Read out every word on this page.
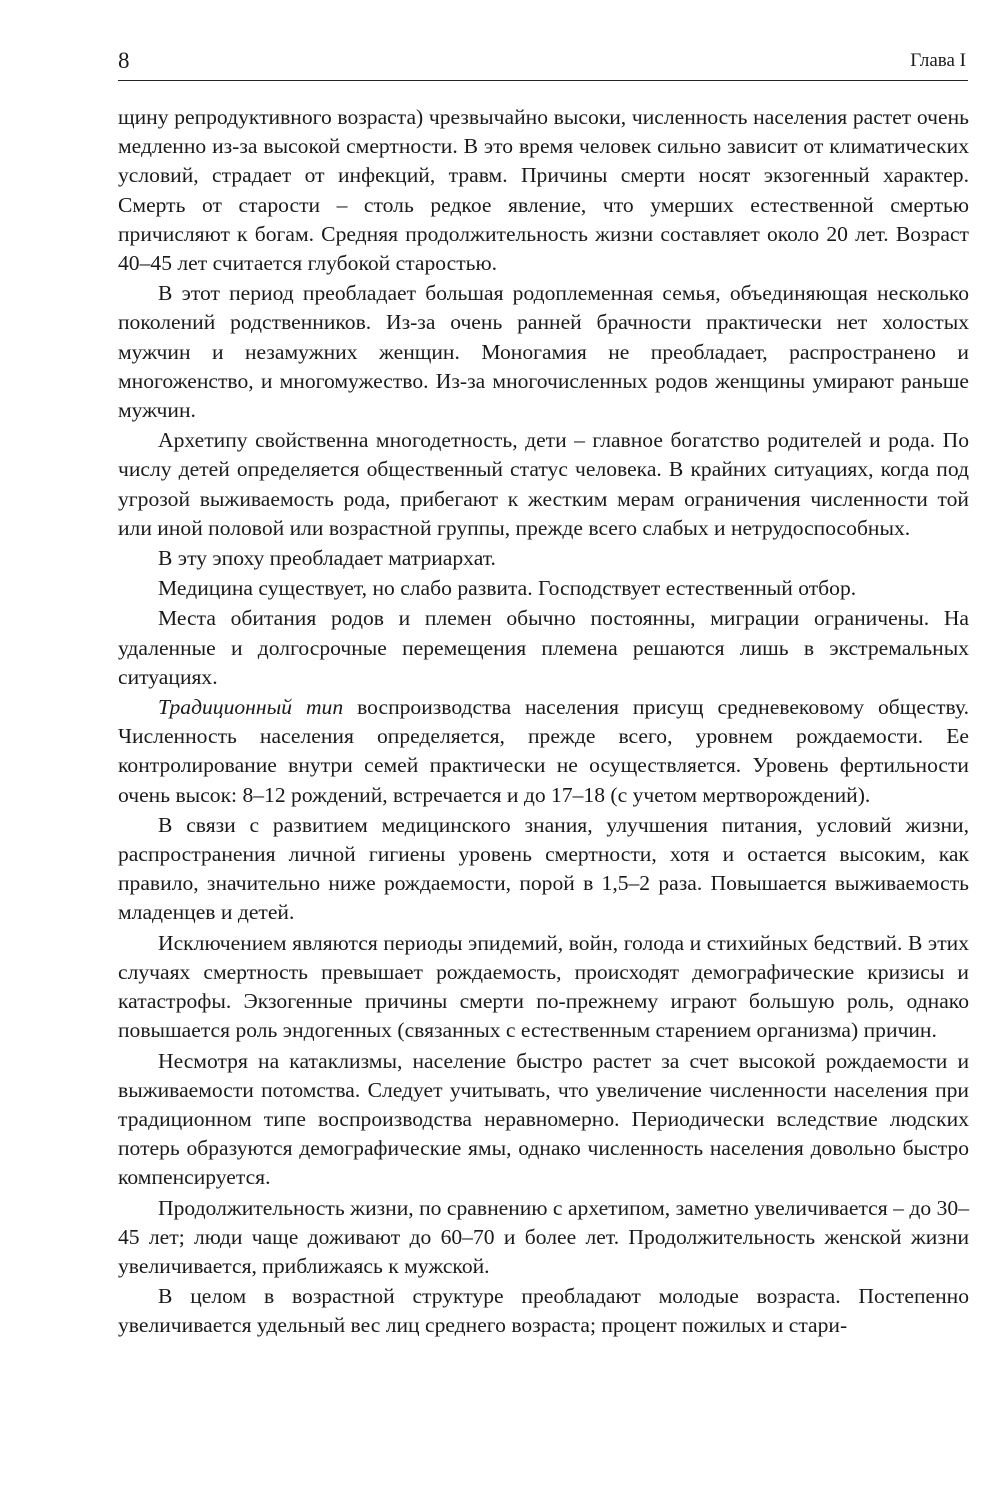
8	Глава I

щину репродуктивного возраста) чрезвычайно высоки, численность населения растет очень медленно из-за высокой смертности. В это время человек сильно зависит от климатических условий, страдает от инфекций, травм. Причины смерти носят экзогенный характер. Смерть от старости – столь редкое явление, что умерших естественной смертью причисляют к богам. Средняя продолжительность жизни составляет около 20 лет. Возраст 40–45 лет считается глубокой старостью.

В этот период преобладает большая родоплеменная семья, объединяющая несколько поколений родственников. Из-за очень ранней брачности практически нет холостых мужчин и незамужних женщин. Моногамия не преобладает, распространено и многоженство, и многомужество. Из-за многочисленных родов женщины умирают раньше мужчин.

Архетипу свойственна многодетность, дети – главное богатство родителей и рода. По числу детей определяется общественный статус человека. В крайних ситуациях, когда под угрозой выживаемость рода, прибегают к жестким мерам ограничения численности той или иной половой или возрастной группы, прежде всего слабых и нетрудоспособных.

В эту эпоху преобладает матриархат.

Медицина существует, но слабо развита. Господствует естественный отбор.

Места обитания родов и племен обычно постоянны, миграции ограничены. На удаленные и долгосрочные перемещения племена решаются лишь в экстремальных ситуациях.

Традиционный тип воспроизводства населения присущ средневековому обществу. Численность населения определяется, прежде всего, уровнем рождаемости. Ее контролирование внутри семей практически не осуществляется. Уровень фертильности очень высок: 8–12 рождений, встречается и до 17–18 (с учетом мертворождений).

В связи с развитием медицинского знания, улучшения питания, условий жизни, распространения личной гигиены уровень смертности, хотя и остается высоким, как правило, значительно ниже рождаемости, порой в 1,5–2 раза. Повышается выживаемость младенцев и детей.

Исключением являются периоды эпидемий, войн, голода и стихийных бедствий. В этих случаях смертность превышает рождаемость, происходят демографические кризисы и катастрофы. Экзогенные причины смерти по-прежнему играют большую роль, однако повышается роль эндогенных (связанных с естественным старением организма) причин.

Несмотря на катаклизмы, население быстро растет за счет высокой рождаемости и выживаемости потомства. Следует учитывать, что увеличение численности населения при традиционном типе воспроизводства неравномерно. Периодически вследствие людских потерь образуются демографические ямы, однако численность населения довольно быстро компенсируется.

Продолжительность жизни, по сравнению с архетипом, заметно увеличивается – до 30–45 лет; люди чаще доживают до 60–70 и более лет. Продолжительность женской жизни увеличивается, приближаясь к мужской.

В целом в возрастной структуре преобладают молодые возраста. Постепенно увеличивается удельный вес лиц среднего возраста; процент пожилых и стари-
